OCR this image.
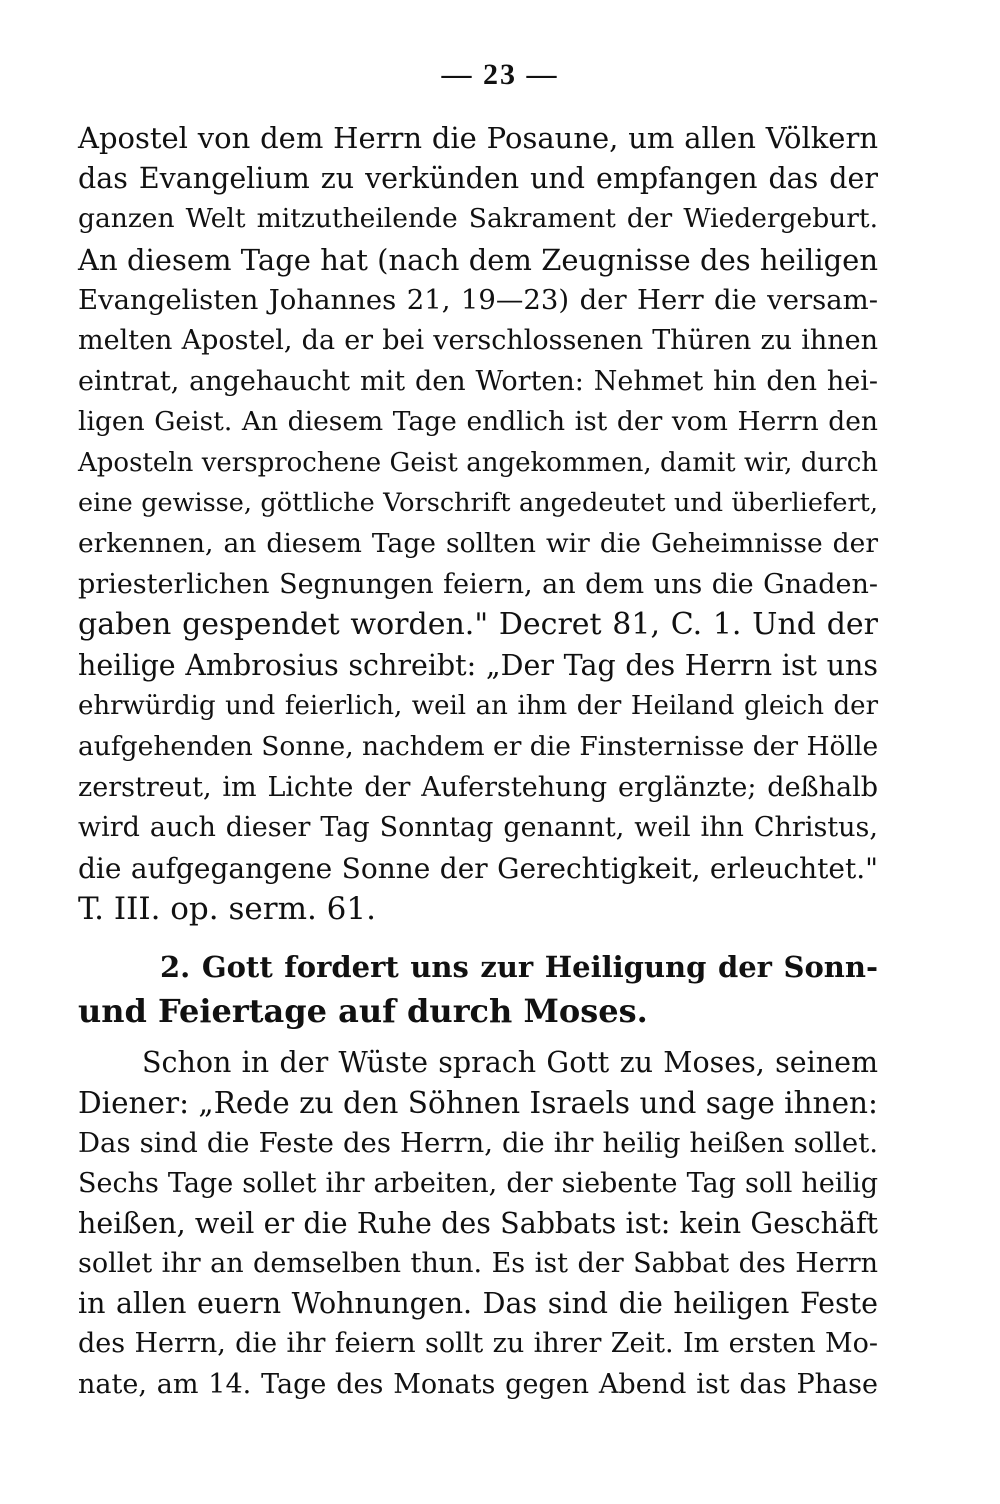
— 23 —
Apostel von dem Herrn die Posaune, um allen Völkern
das Evangelium zu verkünden und empfangen das der
ganzen Welt mitzutheilende Sakrament der Wiedergeburt.
An diesem Tage hat (nach dem Zeugnisse des heiligen
Evangelisten Johannes 21, 19—23) der Herr die versam-
melten Apostel, da er bei verschlossenen Thüren zu ihnen
eintrat, angehaucht mit den Worten: Nehmet hin den hei-
ligen Geist. An diesem Tage endlich ist der vom Herrn den
Aposteln versprochene Geist angekommen, damit wir, durch
eine gewisse, göttliche Vorschrift angedeutet und überliefert,
erkennen, an diesem Tage sollten wir die Geheimnisse der
priesterlichen Segnungen feiern, an dem uns die Gnaden-
gaben gespendet worden." Decret 81, C. 1. Und der
heilige Ambrosius schreibt: „Der Tag des Herrn ist uns
ehrwürdig und feierlich, weil an ihm der Heiland gleich der
aufgehenden Sonne, nachdem er die Finsternisse der Hölle
zerstreut, im Lichte der Auferstehung erglänzte; deßhalb
wird auch dieser Tag Sonntag genannt, weil ihn Christus,
die aufgegangene Sonne der Gerechtigkeit, erleuchtet."
T. III. op. serm. 61.
2. Gott fordert uns zur Heiligung der Sonn-
und Feiertage auf durch Moses.
Schon in der Wüste sprach Gott zu Moses, seinem
Diener: „Rede zu den Söhnen Israels und sage ihnen:
Das sind die Feste des Herrn, die ihr heilig heißen sollet.
Sechs Tage sollet ihr arbeiten, der siebente Tag soll heilig
heißen, weil er die Ruhe des Sabbats ist: kein Geschäft
sollet ihr an demselben thun. Es ist der Sabbat des Herrn
in allen euern Wohnungen. Das sind die heiligen Feste
des Herrn, die ihr feiern sollt zu ihrer Zeit. Im ersten Mo-
nate, am 14. Tage des Monats gegen Abend ist das Phase
